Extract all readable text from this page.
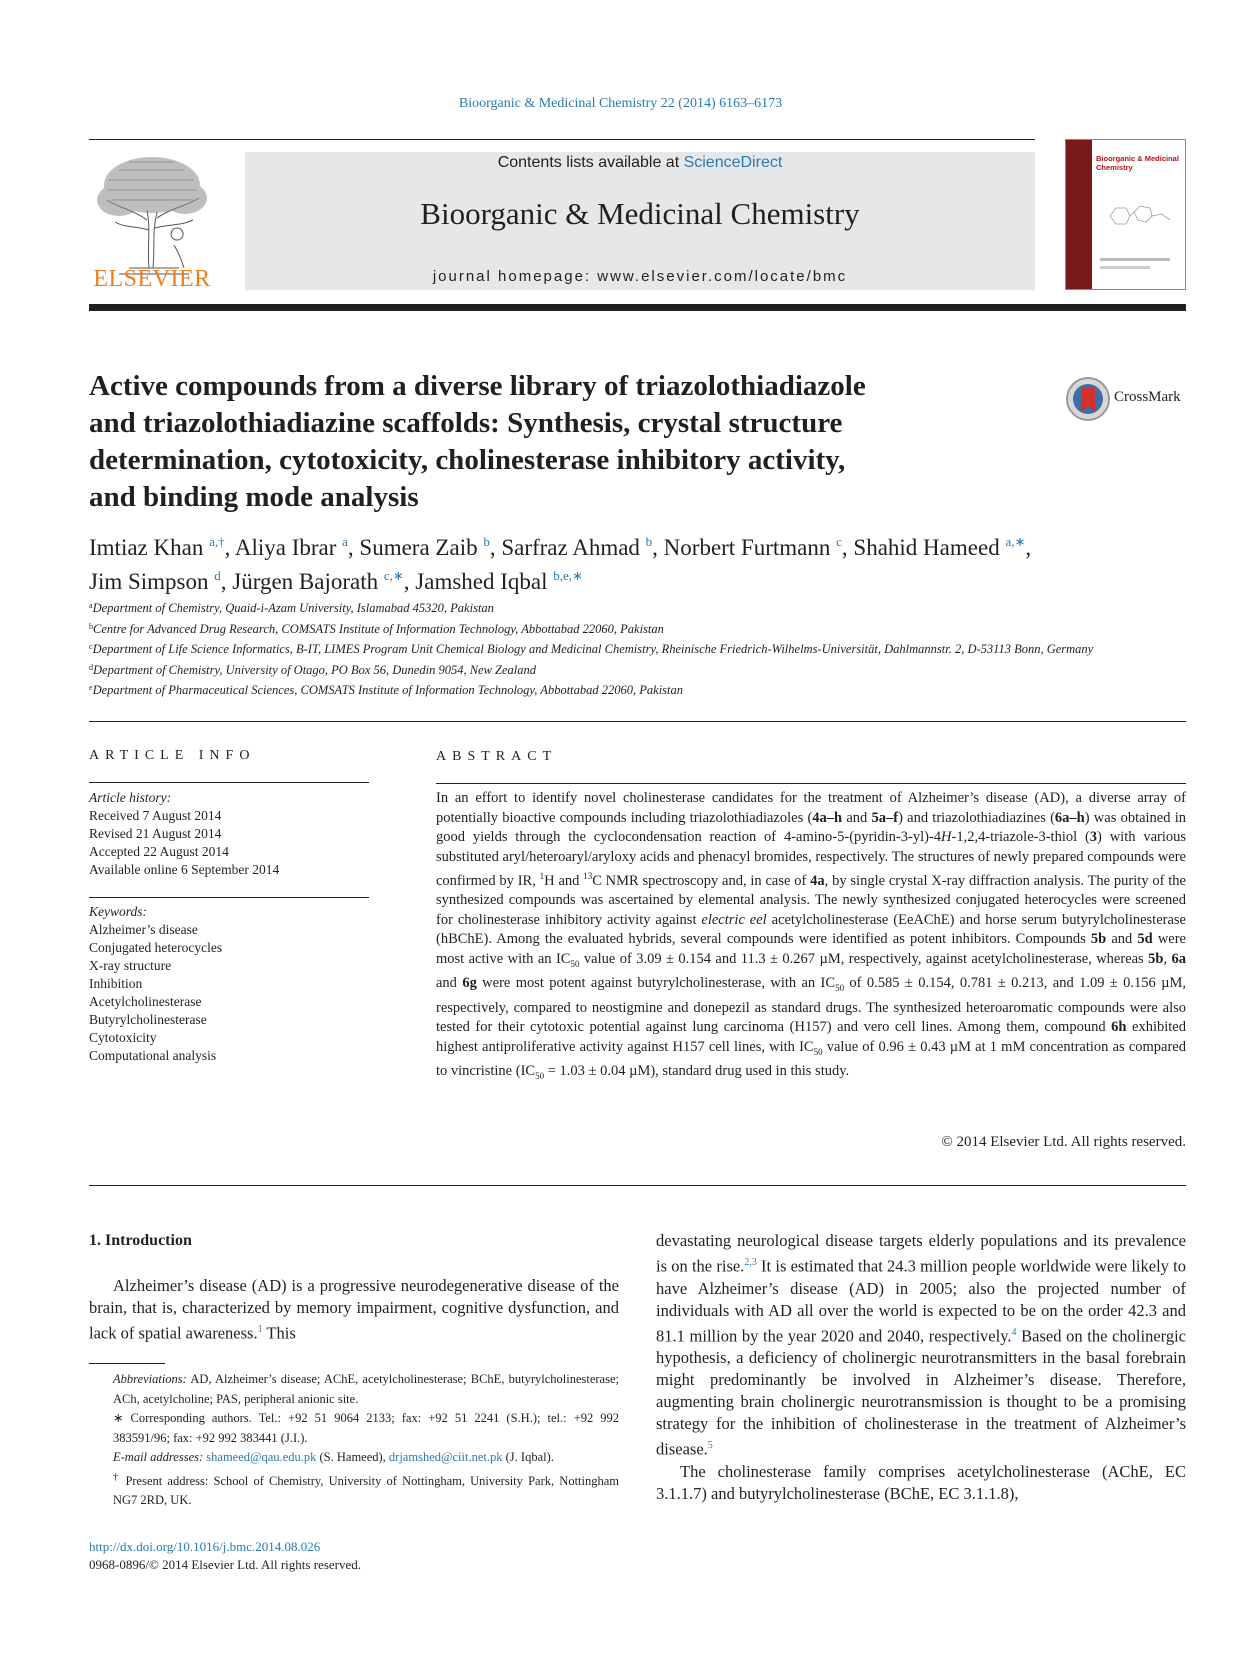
Bioorganic & Medicinal Chemistry 22 (2014) 6163–6173
ELSEVIER
Contents lists available at ScienceDirect
Bioorganic & Medicinal Chemistry
journal homepage: www.elsevier.com/locate/bmc
Bioorganic & Medicinal Chemistry
Active compounds from a diverse library of triazolothiadiazole
and triazolothiadiazine scaffolds: Synthesis, crystal structure
determination, cytotoxicity, cholinesterase inhibitory activity,
and binding mode analysis
CrossMark
Imtiaz Khan $^{a,\dagger}$, Aliya Ibrar $^a$, Sumera Zaib $^b$, Sarfraz Ahmad $^b$, Norbert Furtmann $^c$, Shahid Hameed $^{a,∗}$,
Jim Simpson $^d$, Jürgen Bajorath $^{c,∗}$, Jamshed Iqbal $^{b,e,∗}$
$^a$Department of Chemistry, Quaid-i-Azam University, Islamabad 45320, Pakistan
$^b$Centre for Advanced Drug Research, COMSATS Institute of Information Technology, Abbottabad 22060, Pakistan
$^c$Department of Life Science Informatics, B-IT, LIMES Program Unit Chemical Biology and Medicinal Chemistry, Rheinische Friedrich-Wilhelms-Universität, Dahlmannstr. 2, D-53113 Bonn, Germany
$^d$Department of Chemistry, University of Otago, PO Box 56, Dunedin 9054, New Zealand
$^e$Department of Pharmaceutical Sciences, COMSATS Institute of Information Technology, Abbottabad 22060, Pakistan
ARTICLE INFO
Article history:
Received 7 August 2014
Revised 21 August 2014
Accepted 22 August 2014
Available online 6 September 2014
Keywords:
Alzheimer’s disease
Conjugated heterocycles
X-ray structure
Inhibition
Acetylcholinesterase
Butyrylcholinesterase
Cytotoxicity
Computational analysis
ABSTRACT
In an effort to identify novel cholinesterase candidates for the treatment of Alzheimer’s disease (AD), a diverse array of potentially bioactive compounds including triazolothiadiazoles (4a–h and 5a–f) and triazolothiadiazines (6a–h) was obtained in good yields through the cyclocondensation reaction of 4-amino-5-(pyridin-3-yl)-4H-1,2,4-triazole-3-thiol (3) with various substituted aryl/heteroaryl/aryloxy acids and phenacyl bromides, respectively. The structures of newly prepared compounds were confirmed by IR, $^1$H and $^{13}$C NMR spectroscopy and, in case of 4a, by single crystal X-ray diffraction analysis. The purity of the synthesized compounds was ascertained by elemental analysis. The newly synthesized conjugated heterocycles were screened for cholinesterase inhibitory activity against electric eel acetylcholinesterase (EeAChE) and horse serum butyrylcholinesterase (hBChE). Among the evaluated hybrids, several compounds were identified as potent inhibitors. Compounds 5b and 5d were most active with an $IC_{50}$ value of 3.09 ± 0.154 and 11.3 ± 0.267 µM, respectively, against acetylcholinesterase, whereas 5b, 6a and 6g were most potent against butyrylcholinesterase, with an $IC_{50}$ of 0.585 ± 0.154, 0.781 ± 0.213, and 1.09 ± 0.156 µM, respectively, compared to neostigmine and donepezil as standard drugs. The synthesized heteroaromatic compounds were also tested for their cytotoxic potential against lung carcinoma (H157) and vero cell lines. Among them, compound 6h exhibited highest antiproliferative activity against H157 cell lines, with $IC_{50}$ value of 0.96 ± 0.43 µM at 1 mM concentration as compared to vincristine ($IC_{50} = 1.03 \pm 0.04$ µM), standard drug used in this study.
© 2014 Elsevier Ltd. All rights reserved.
1. Introduction
Alzheimer’s disease (AD) is a progressive neurodegenerative disease of the brain, that is, characterized by memory impairment, cognitive dysfunction, and lack of spatial awareness.$^1$ This
Abbreviations: AD, Alzheimer’s disease; AChE, acetylcholinesterase; BChE, butyrylcholinesterase; ACh, acetylcholine; PAS, peripheral anionic site.
∗ Corresponding authors. Tel.: +92 51 9064 2133; fax: +92 51 2241 (S.H.); tel.: +92 992 383591/96; fax: +92 992 383441 (J.I.).
E-mail addresses: shameed@qau.edu.pk (S. Hameed), drjamshed@ciit.net.pk (J. Iqbal).
† Present address: School of Chemistry, University of Nottingham, University Park, Nottingham NG7 2RD, UK.
http://dx.doi.org/10.1016/j.bmc.2014.08.026
0968-0896/© 2014 Elsevier Ltd. All rights reserved.

devastating neurological disease targets elderly populations and its prevalence is on the rise.$^{2,3}$ It is estimated that 24.3 million people worldwide were likely to have Alzheimer’s disease (AD) in 2005; also the projected number of individuals with AD all over the world is expected to be on the order 42.3 and 81.1 million by the year 2020 and 2040, respectively.$^4$ Based on the cholinergic hypothesis, a deficiency of cholinergic neurotransmitters in the basal forebrain might predominantly be involved in Alzheimer’s disease. Therefore, augmenting brain cholinergic neurotransmission is thought to be a promising strategy for the inhibition of cholinesterase in the treatment of Alzheimer’s disease.$^5$

The cholinesterase family comprises acetylcholinesterase (AChE, EC 3.1.1.7) and butyrylcholinesterase (BChE, EC 3.1.1.8),
